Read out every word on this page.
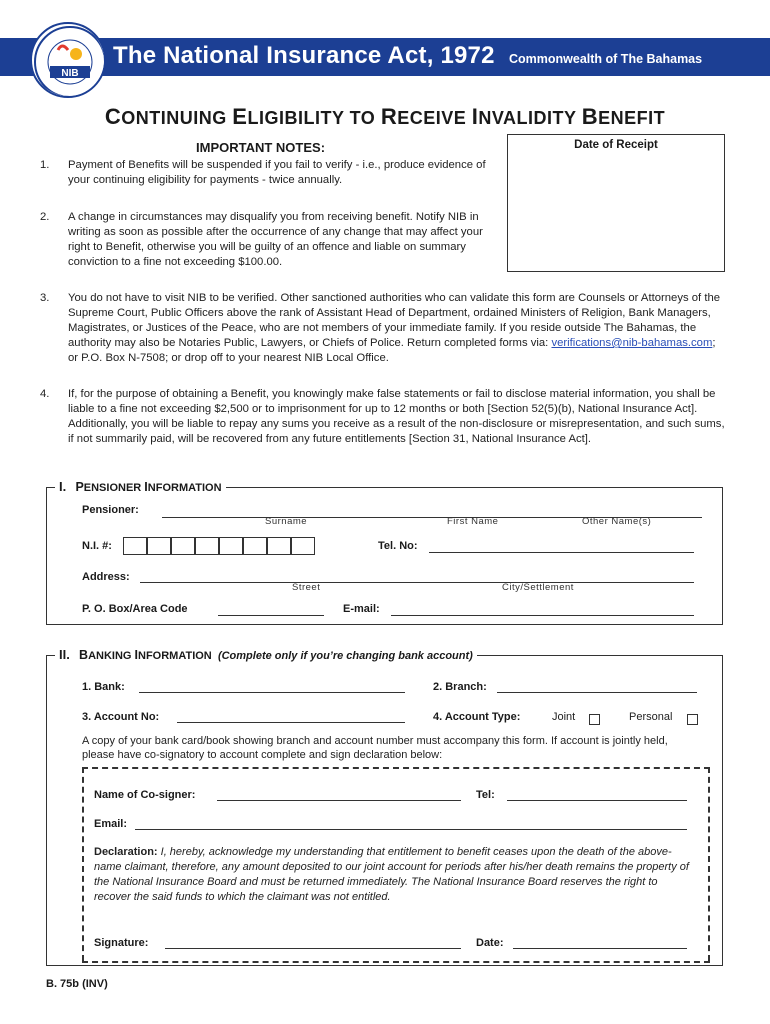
NIB
The National Insurance Act, 1972 Commonwealth of The Bahamas
CONTINUING ELIGIBILITY TO RECEIVE INVALIDITY BENEFIT
IMPORTANT NOTES:	Date of Receipt
1. Payment of Benefits will be suspended if you fail to verify - i.e., produce evidence of your continuing eligibility for payments - twice annually.
2. A change in circumstances may disqualify you from receiving benefit. Notify NIB in writing as soon as possible after the occurrence of any change that may affect your right to Benefit, otherwise you will be guilty of an offence and liable on summary conviction to a fine not exceeding $100.00.
3. You do not have to visit NIB to be verified. Other sanctioned authorities who can validate this form are Counsels or Attorneys of the Supreme Court, Public Officers above the rank of Assistant Head of Department, ordained Ministers of Religion, Bank Managers, Magistrates, or Justices of the Peace, who are not members of your immediate family. If you reside outside The Bahamas, the authority may also be Notaries Public, Lawyers, or Chiefs of Police. Return completed forms via: verifications@nib-bahamas.com; or P.O. Box N-7508; or drop off to your nearest NIB Local Office.
4. If, for the purpose of obtaining a Benefit, you knowingly make false statements or fail to disclose material information, you shall be liable to a fine not exceeding $2,500 or to imprisonment for up to 12 months or both [Section 52(5)(b), National Insurance Act]. Additionally, you will be liable to repay any sums you receive as a result of the non-disclosure or misrepresentation, and such sums, if not summarily paid, will be recovered from any future entitlements [Section 31, National Insurance Act].
I. PENSIONER INFORMATION
Pensioner:
Surname	First Name	Other Name(s)
N.I. #:	Tel. No:
Address:
Street	City/Settlement
P. O. Box/Area Code	E-mail:
II. BANKING INFORMATION (Complete only if you’re changing bank account)
1. Bank:	2. Branch:
3. Account No:	4. Account Type:	Joint	Personal
A copy of your bank card/book showing branch and account number must accompany this form. If account is jointly held, please have co-signatory to account complete and sign declaration below:
Name of Co-signer:	Tel:
Email:
Declaration: I, hereby, acknowledge my understanding that entitlement to benefit ceases upon the death of the above-name claimant, therefore, any amount deposited to our joint account for periods after his/her death remains the property of the National Insurance Board and must be returned immediately. The National Insurance Board reserves the right to recover the said funds to which the claimant was not entitled.
Signature:	Date:
B. 75b (INV)
